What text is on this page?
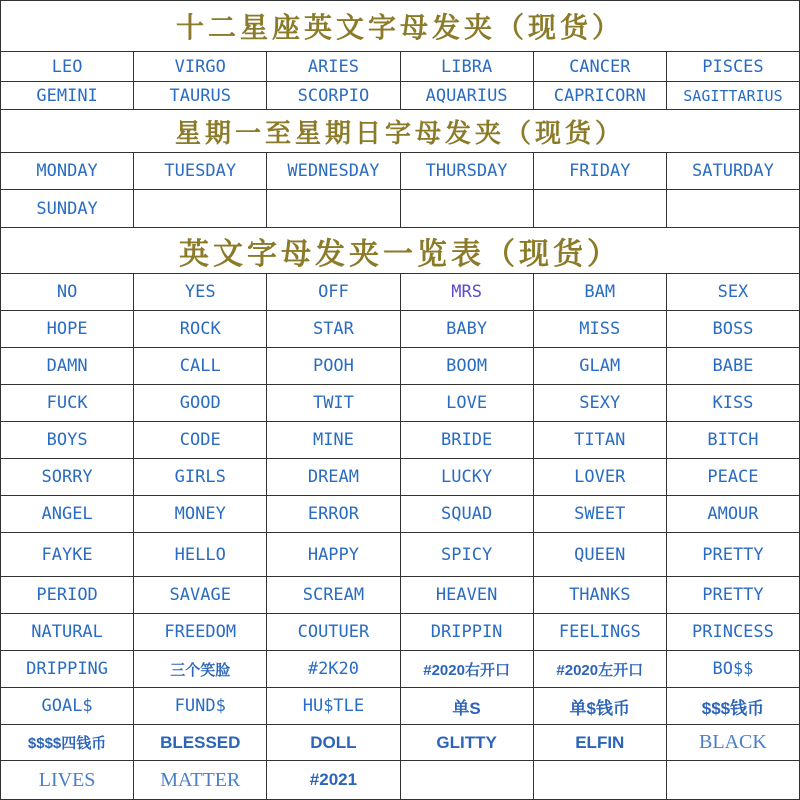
十二星座英文字母发夹（现货）
LEO	VIRGO	ARIES	LIBRA	CANCER	PISCES
GEMINI	TAURUS	SCORPIO	AQUARIUS	CAPRICORN	SAGITTARIUS
星期一至星期日字母发夹（现货）
MONDAY	TUESDAY	WEDNESDAY	THURSDAY	FRIDAY	SATURDAY
SUNDAY
英文字母发夹一览表（现货）
NO	YES	OFF	MRS	BAM	SEX
HOPE	ROCK	STAR	BABY	MISS	BOSS
DAMN	CALL	POOH	BOOM	GLAM	BABE
FUCK	GOOD	TWIT	LOVE	SEXY	KISS
BOYS	CODE	MINE	BRIDE	TITAN	BITCH
SORRY	GIRLS	DREAM	LUCKY	LOVER	PEACE
ANGEL	MONEY	ERROR	SQUAD	SWEET	AMOUR
FAYKE	HELLO	HAPPY	SPICY	QUEEN	PRETTY
PERIOD	SAVAGE	SCREAM	HEAVEN	THANKS	PRETTY
NATURAL	FREEDOM	COUTUER	DRIPPIN	FEELINGS	PRINCESS
DRIPPING	三个笑脸	#2K20	#2020右开口	#2020左开口	BO$$
GOAL$	FUND$	HU$TLE	单S	单$钱币	$$$钱币
$$$$四钱币	BLESSED	DOLL	GLITTY	ELFIN	BLACK
LIVES	MATTER	#2021
